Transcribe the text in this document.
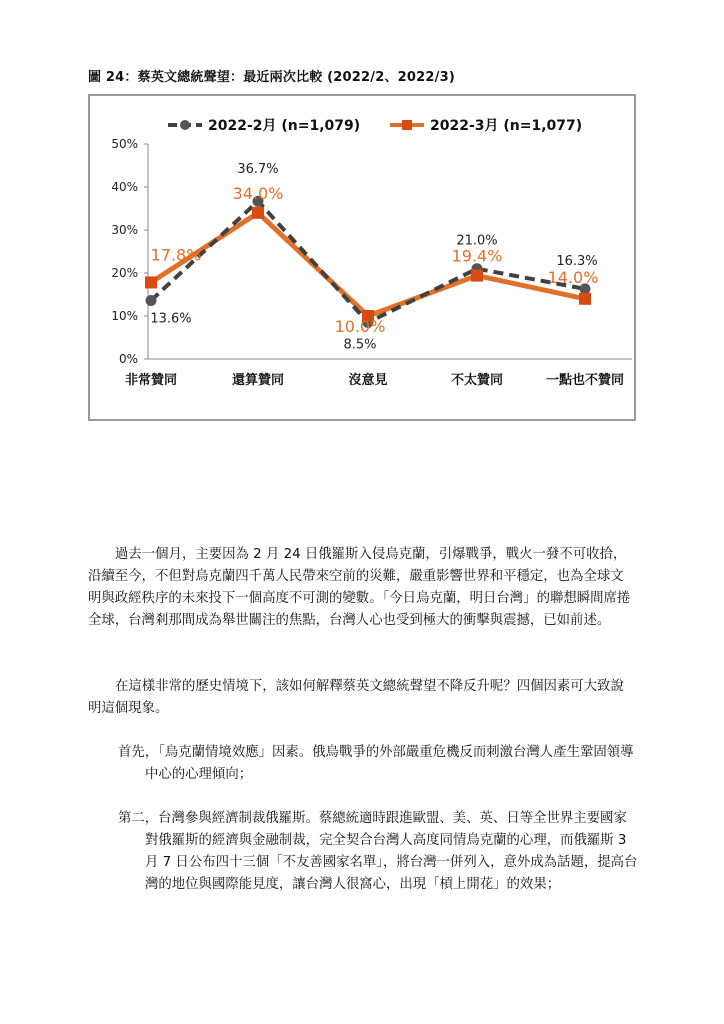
圖 24：蔡英文總統聲望：最近兩次比較 (2022/2、2022/3)
2022-2月 (n=1,079)	2022-3月 (n=1,077)
50%
40%
30%
20%
10%
0%
非常贊同	還算贊同	沒意見	不太贊同	一點也不贊同
13.6%
36.7%
8.5%
21.0%
16.3%
17.8%
34.0%
10.0%
19.4%
14.0%

過去一個月，主要因為 2 月 24 日俄羅斯入侵烏克蘭，引爆戰爭，戰火一發不可收拾，沿續至今，不但對烏克蘭四千萬人民帶來空前的災難，嚴重影響世界和平穩定，也為全球文明與政經秩序的未來投下一個高度不可測的變數。「今日烏克蘭，明日台灣」的聯想瞬間席捲全球，台灣剎那間成為舉世關注的焦點，台灣人心也受到極大的衝擊與震撼，已如前述。

在這樣非常的歷史情境下，該如何解釋蔡英文總統聲望不降反升呢？四個因素可大致說明這個現象。

首先，「烏克蘭情境效應」因素。俄烏戰爭的外部嚴重危機反而刺激台灣人產生鞏固領導中心的心理傾向；

第二，台灣參與經濟制裁俄羅斯。蔡總統適時跟進歐盟、美、英、日等全世界主要國家對俄羅斯的經濟與金融制裁，完全契合台灣人高度同情烏克蘭的心理，而俄羅斯 3 月 7 日公布四十三個「不友善國家名單」，將台灣一併列入，意外成為話題，提高台灣的地位與國際能見度，讓台灣人很窩心，出現「槓上開花」的效果；
